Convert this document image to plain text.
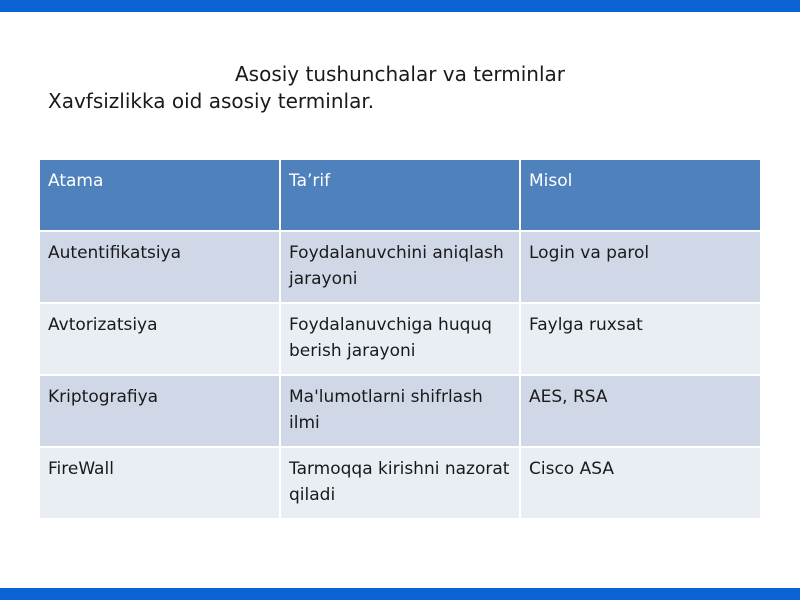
Asosiy tushunchalar va terminlar
Xavfsizlikka oid asosiy terminlar.
Atama	Ta’rif	Misol
Autentifikatsiya	Foydalanuvchini aniqlash jarayoni	Login va parol
Avtorizatsiya	Foydalanuvchiga huquq berish jarayoni	Faylga ruxsat
Kriptografiya	Ma'lumotlarni shifrlash ilmi	AES, RSA
FireWall	Tarmoqqa kirishni nazorat qiladi	Cisco ASA
